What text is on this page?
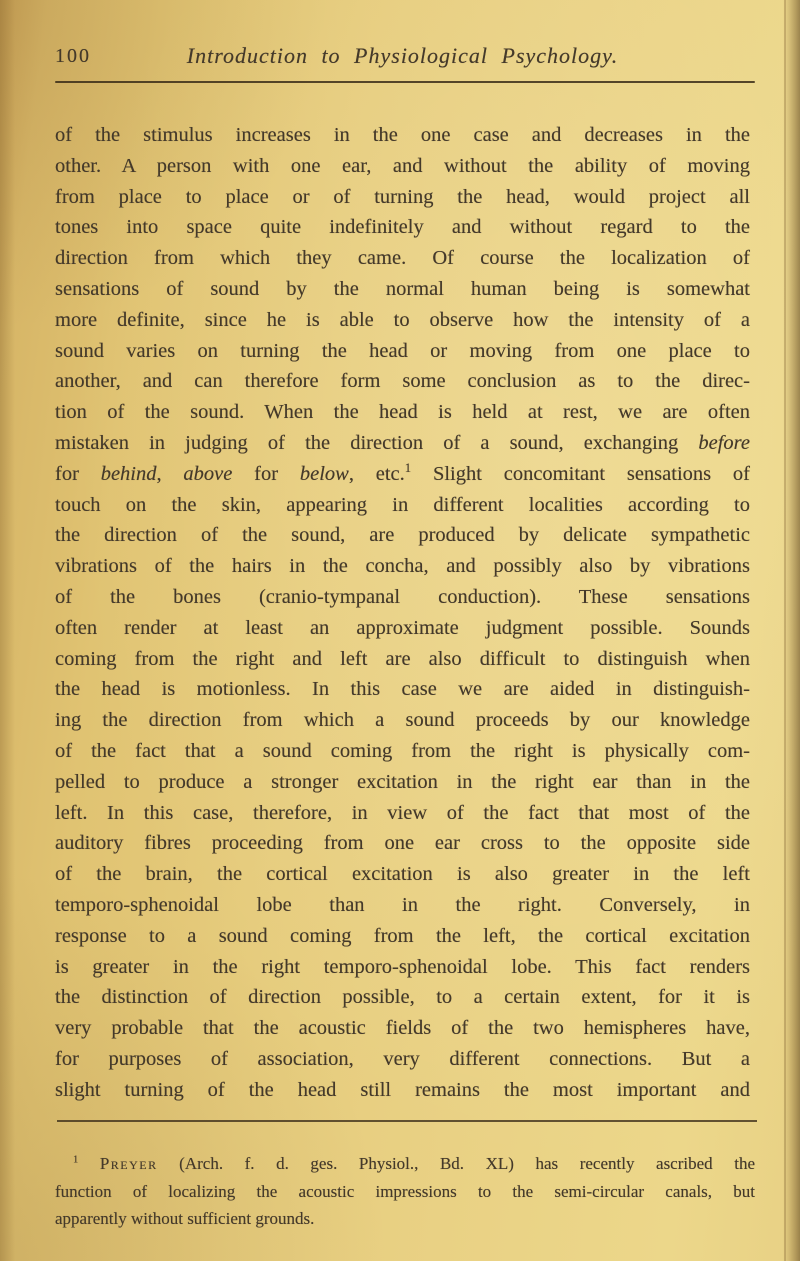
100	Introduction to Physiological Psychology.
of the stimulus increases in the one case and decreases in the
other. A person with one ear, and without the ability of moving
from place to place or of turning the head, would project all
tones into space quite indefinitely and without regard to the
direction from which they came. Of course the localization of
sensations of sound by the normal human being is somewhat
more definite, since he is able to observe how the intensity of a
sound varies on turning the head or moving from one place to
another, and can therefore form some conclusion as to the direc-
tion of the sound. When the head is held at rest, we are often
mistaken in judging of the direction of a sound, exchanging before
for behind, above for below, etc.$^1$ Slight concomitant sensations of
touch on the skin, appearing in different localities according to
the direction of the sound, are produced by delicate sympathetic
vibrations of the hairs in the concha, and possibly also by vibrations
of the bones (cranio-tympanal conduction). These sensations
often render at least an approximate judgment possible. Sounds
coming from the right and left are also difficult to distinguish when
the head is motionless. In this case we are aided in distinguish-
ing the direction from which a sound proceeds by our knowledge
of the fact that a sound coming from the right is physically com-
pelled to produce a stronger excitation in the right ear than in the
left. In this case, therefore, in view of the fact that most of the
auditory fibres proceeding from one ear cross to the opposite side
of the brain, the cortical excitation is also greater in the left
temporo-sphenoidal lobe than in the right. Conversely, in
response to a sound coming from the left, the cortical excitation
is greater in the right temporo-sphenoidal lobe. This fact renders
the distinction of direction possible, to a certain extent, for it is
very probable that the acoustic fields of the two hemispheres have,
for purposes of association, very different connections. But a
slight turning of the head still remains the most important and
$^1$ Preyer (Arch. f. d. ges. Physiol., Bd. XL) has recently ascribed the
function of localizing the acoustic impressions to the semi-circular canals, but
apparently without sufficient grounds.
